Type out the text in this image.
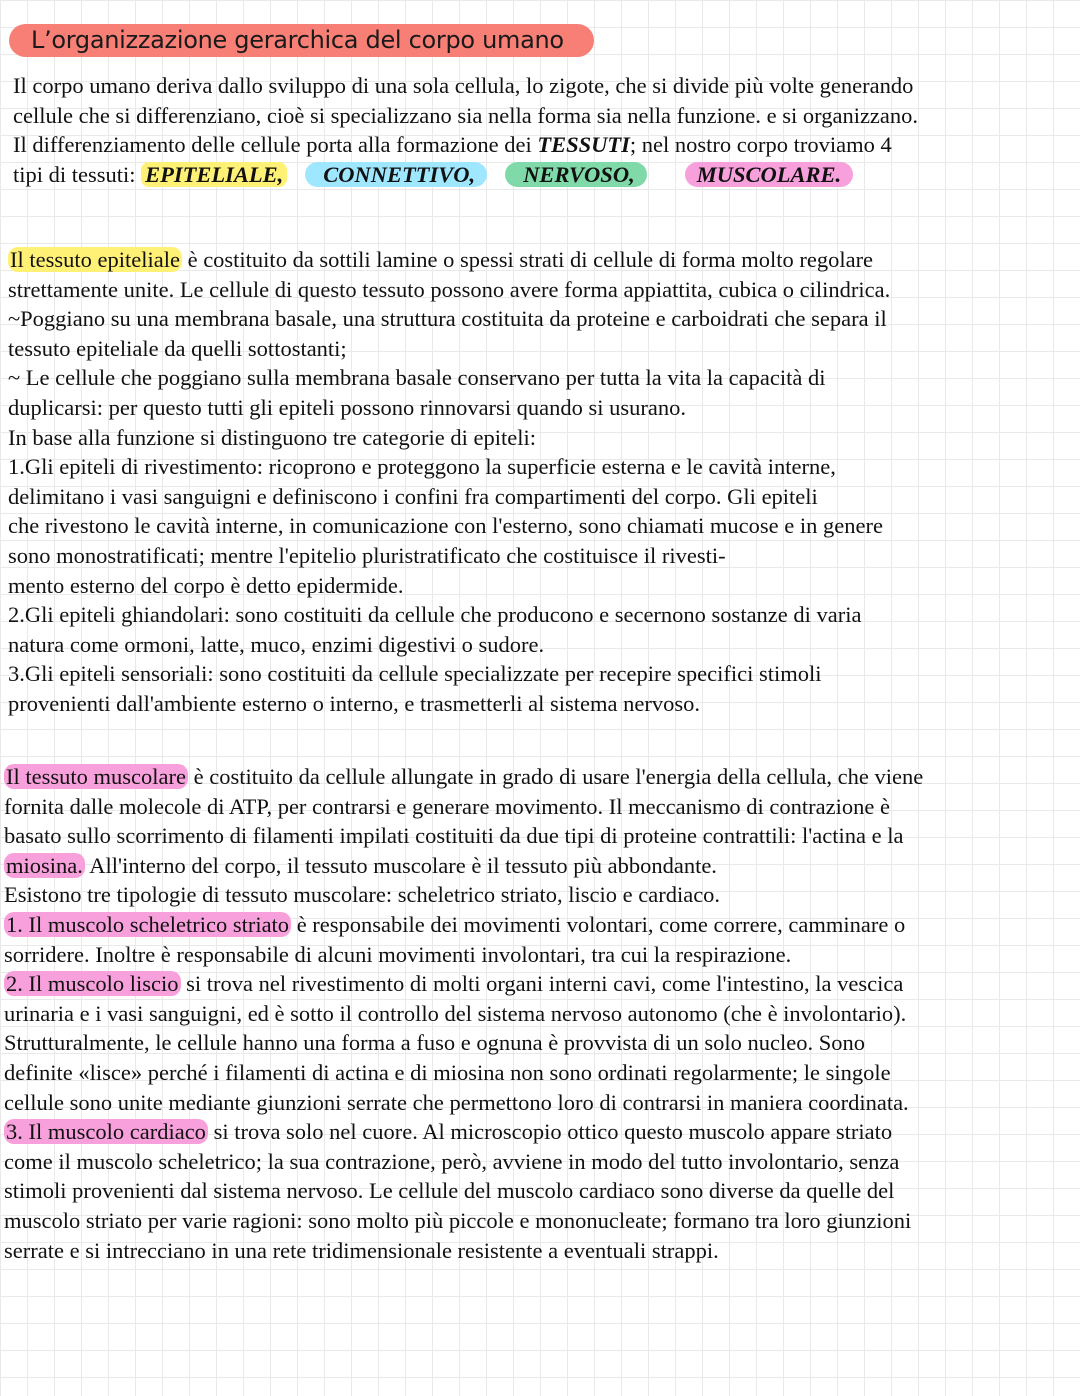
L’organizzazione gerarchica del corpo umano
Il corpo umano deriva dallo sviluppo di una sola cellula, lo zigote, che si divide più volte generando
cellule che si differenziano, cioè si specializzano sia nella forma sia nella funzione. e si organizzano.
Il differenziamento delle cellule porta alla formazione dei TESSUTI; nel nostro corpo troviamo 4
tipi di tessuti: EPITELIALE, CONNETTIVO, NERVOSO,	MUSCOLARE.
Il tessuto epiteliale è costituito da sottili lamine o spessi strati di cellule di forma molto regolare
strettamente unite. Le cellule di questo tessuto possono avere forma appiattita, cubica o cilindrica.
~Poggiano su una membrana basale, una struttura costituita da proteine e carboidrati che separa il
tessuto epiteliale da quelli sottostanti;
~ Le cellule che poggiano sulla membrana basale conservano per tutta la vita la capacità di
duplicarsi: per questo tutti gli epiteli possono rinnovarsi quando si usurano.
In base alla funzione si distinguono tre categorie di epiteli:
1.Gli epiteli di rivestimento: ricoprono e proteggono la superficie esterna e le cavità interne,
delimitano i vasi sanguigni e definiscono i confini fra compartimenti del corpo. Gli epiteli
che rivestono le cavità interne, in comunicazione con l'esterno, sono chiamati mucose e in genere
sono monostratificati; mentre l'epitelio pluristratificato che costituisce il rivesti-
mento esterno del corpo è detto epidermide.
2.Gli epiteli ghiandolari: sono costituiti da cellule che producono e secernono sostanze di varia
natura come ormoni, latte, muco, enzimi digestivi o sudore.
3.Gli epiteli sensoriali: sono costituiti da cellule specializzate per recepire specifici stimoli
provenienti dall'ambiente esterno o interno, e trasmetterli al sistema nervoso.
Il tessuto muscolare è costituito da cellule allungate in grado di usare l'energia della cellula, che viene
fornita dalle molecole di ATP, per contrarsi e generare movimento. Il meccanismo di contrazione è
basato sullo scorrimento di filamenti impilati costituiti da due tipi di proteine contrattili: l'actina e la
miosina. All'interno del corpo, il tessuto muscolare è il tessuto più abbondante.
Esistono tre tipologie di tessuto muscolare: scheletrico striato, liscio e cardiaco.
1. Il muscolo scheletrico striato è responsabile dei movimenti volontari, come correre, camminare o
sorridere. Inoltre è responsabile di alcuni movimenti involontari, tra cui la respirazione.
2. Il muscolo liscio si trova nel rivestimento di molti organi interni cavi, come l'intestino, la vescica
urinaria e i vasi sanguigni, ed è sotto il controllo del sistema nervoso autonomo (che è involontario).
Strutturalmente, le cellule hanno una forma a fuso e ognuna è provvista di un solo nucleo. Sono
definite «lisce» perché i filamenti di actina e di miosina non sono ordinati regolarmente; le singole
cellule sono unite mediante giunzioni serrate che permettono loro di contrarsi in maniera coordinata.
3. Il muscolo cardiaco si trova solo nel cuore. Al microscopio ottico questo muscolo appare striato
come il muscolo scheletrico; la sua contrazione, però, avviene in modo del tutto involontario, senza
stimoli provenienti dal sistema nervoso. Le cellule del muscolo cardiaco sono diverse da quelle del
muscolo striato per varie ragioni: sono molto più piccole e mononucleate; formano tra loro giunzioni
serrate e si intrecciano in una rete tridimensionale resistente a eventuali strappi.
